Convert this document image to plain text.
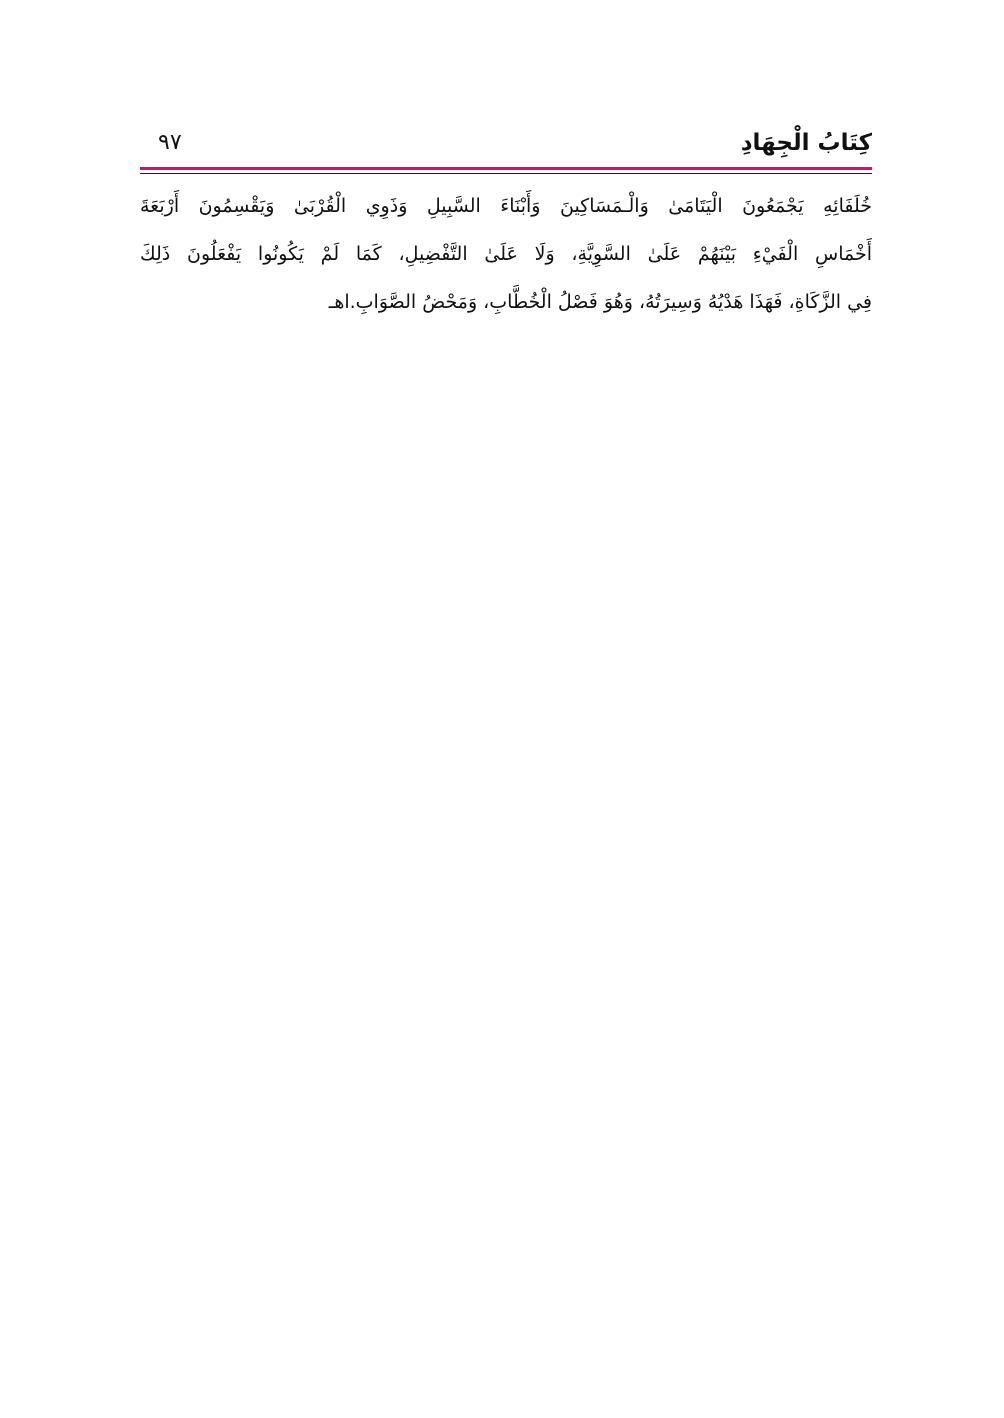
كِتَابُ الْجِهَادِ
٩٧
خُلَفَائِهِ يَجْمَعُونَ الْيَتَامَىٰ وَالْـمَسَاكِينَ وَأَبْنَاءَ السَّبِيلِ وَذَوِي الْقُرْبَىٰ وَيَقْسِمُونَ أَرْبَعَةَ
أَخْمَاسِ الْفَيْءِ بَيْنَهُمْ عَلَىٰ السَّوِيَّةِ، وَلَا عَلَىٰ التَّفْضِيلِ، كَمَا لَمْ يَكُونُوا يَفْعَلُونَ ذَلِكَ
فِي الزَّكَاةِ، فَهَذَا هَدْيُهُ وَسِيرَتُهُ، وَهُوَ فَصْلُ الْخُطَّابِ، وَمَحْضُ الصَّوَابِ.اهـ
